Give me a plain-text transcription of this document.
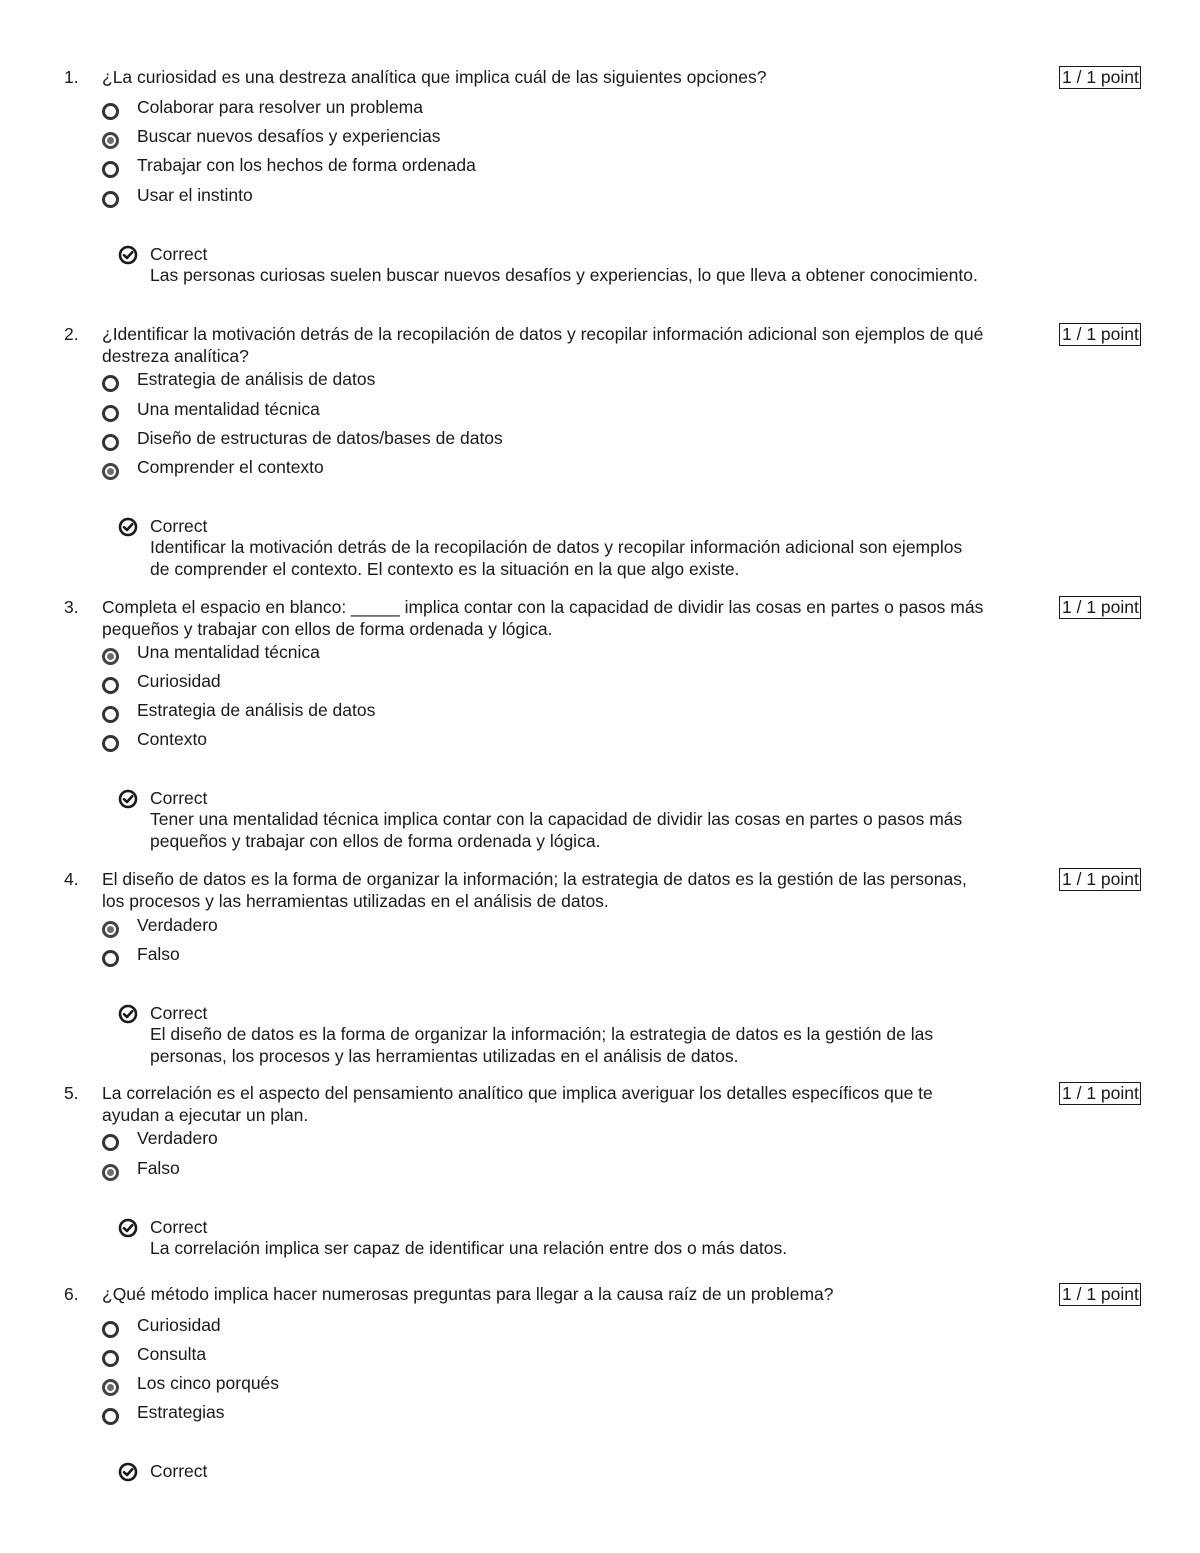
1. ¿La curiosidad es una destreza analítica que implica cuál de las siguientes opciones?	1 / 1 point
Colaborar para resolver un problema
Buscar nuevos desafíos y experiencias
Trabajar con los hechos de forma ordenada
Usar el instinto
Correct
Las personas curiosas suelen buscar nuevos desafíos y experiencias, lo que lleva a obtener conocimiento.
2. ¿Identificar la motivación detrás de la recopilación de datos y recopilar información adicional son ejemplos de qué destreza analítica?
1 / 1 point
Estrategia de análisis de datos
Una mentalidad técnica
Diseño de estructuras de datos/bases de datos
Comprender el contexto
Correct
Identificar la motivación detrás de la recopilación de datos y recopilar información adicional son ejemplos de comprender el contexto. El contexto es la situación en la que algo existe.
3. Completa el espacio en blanco: _____ implica contar con la capacidad de dividir las cosas en partes o pasos más pequeños y trabajar con ellos de forma ordenada y lógica.
1 / 1 point
Una mentalidad técnica
Curiosidad
Estrategia de análisis de datos
Contexto
Correct
Tener una mentalidad técnica implica contar con la capacidad de dividir las cosas en partes o pasos más pequeños y trabajar con ellos de forma ordenada y lógica.
4. El diseño de datos es la forma de organizar la información; la estrategia de datos es la gestión de las personas, los procesos y las herramientas utilizadas en el análisis de datos.
1 / 1 point
Verdadero
Falso
Correct
El diseño de datos es la forma de organizar la información; la estrategia de datos es la gestión de las personas, los procesos y las herramientas utilizadas en el análisis de datos.
5. La correlación es el aspecto del pensamiento analítico que implica averiguar los detalles específicos que te ayudan a ejecutar un plan.
1 / 1 point
Verdadero
Falso
Correct
La correlación implica ser capaz de identificar una relación entre dos o más datos.
6. ¿Qué método implica hacer numerosas preguntas para llegar a la causa raíz de un problema?	1 / 1 point
Curiosidad
Consulta
Los cinco porqués
Estrategias
Correct
